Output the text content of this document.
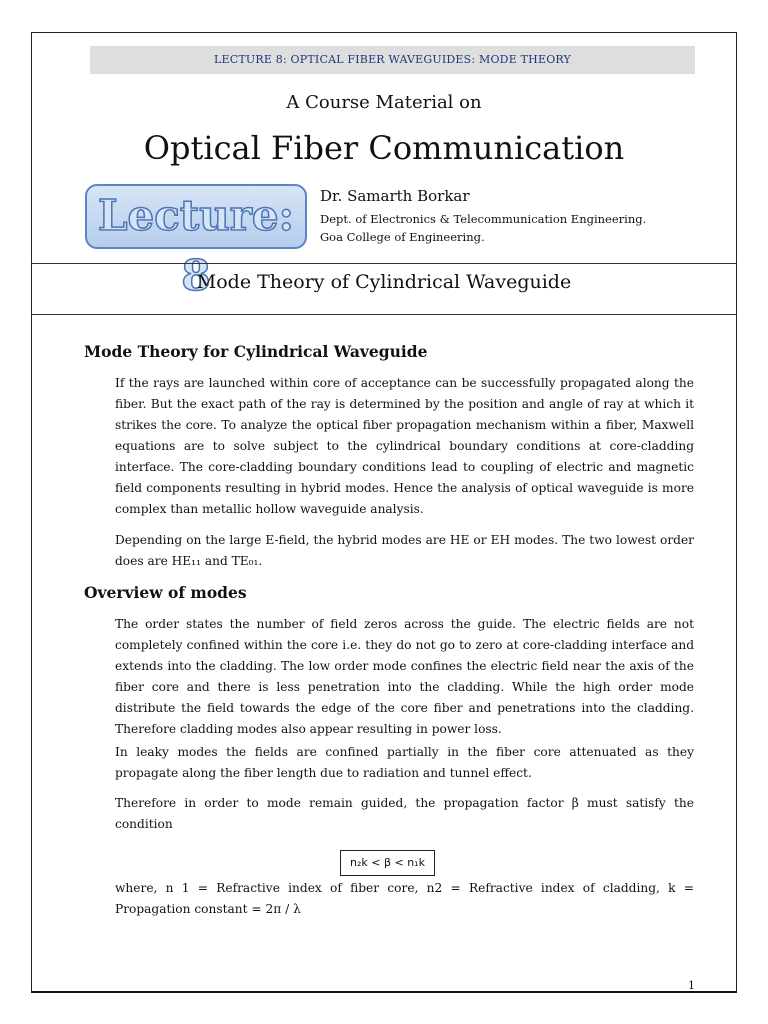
LECTURE 8: OPTICAL FIBER WAVEGUIDES: MODE THEORY
A Course Material on
Optical Fiber Communication
Lecture: 8
Dr. Samarth Borkar
Dept. of Electronics & Telecommunication Engineering.
Goa College of Engineering.
Mode Theory of Cylindrical Waveguide
Mode Theory for Cylindrical Waveguide

If the rays are launched within core of acceptance can be successfully propagated along the fiber. But the exact path of the ray is determined by the position and angle of ray at which it strikes the core. To analyze the optical fiber propagation mechanism within a fiber, Maxwell equations are to solve subject to the cylindrical boundary conditions at core-cladding interface. The core-cladding boundary conditions lead to coupling of electric and magnetic field components resulting in hybrid modes. Hence the analysis of optical waveguide is more complex than metallic hollow waveguide analysis.

Depending on the large E-field, the hybrid modes are HE or EH modes. The two lowest order does are HE₁₁ and TE₀₁.

Overview of modes

The order states the number of field zeros across the guide. The electric fields are not completely confined within the core i.e. they do not go to zero at core-cladding interface and extends into the cladding. The low order mode confines the electric field near the axis of the fiber core and there is less penetration into the cladding. While the high order mode distribute the field towards the edge of the core fiber and penetrations into the cladding. Therefore cladding modes also appear resulting in power loss.

In leaky modes the fields are confined partially in the fiber core attenuated as they propagate along the fiber length due to radiation and tunnel effect.

Therefore in order to mode remain guided, the propagation factor β must satisfy the condition

n₂k < β < n₁k

where, n 1 = Refractive index of fiber core, n2 = Refractive index of cladding, k = Propagation constant = 2π / λ

1
